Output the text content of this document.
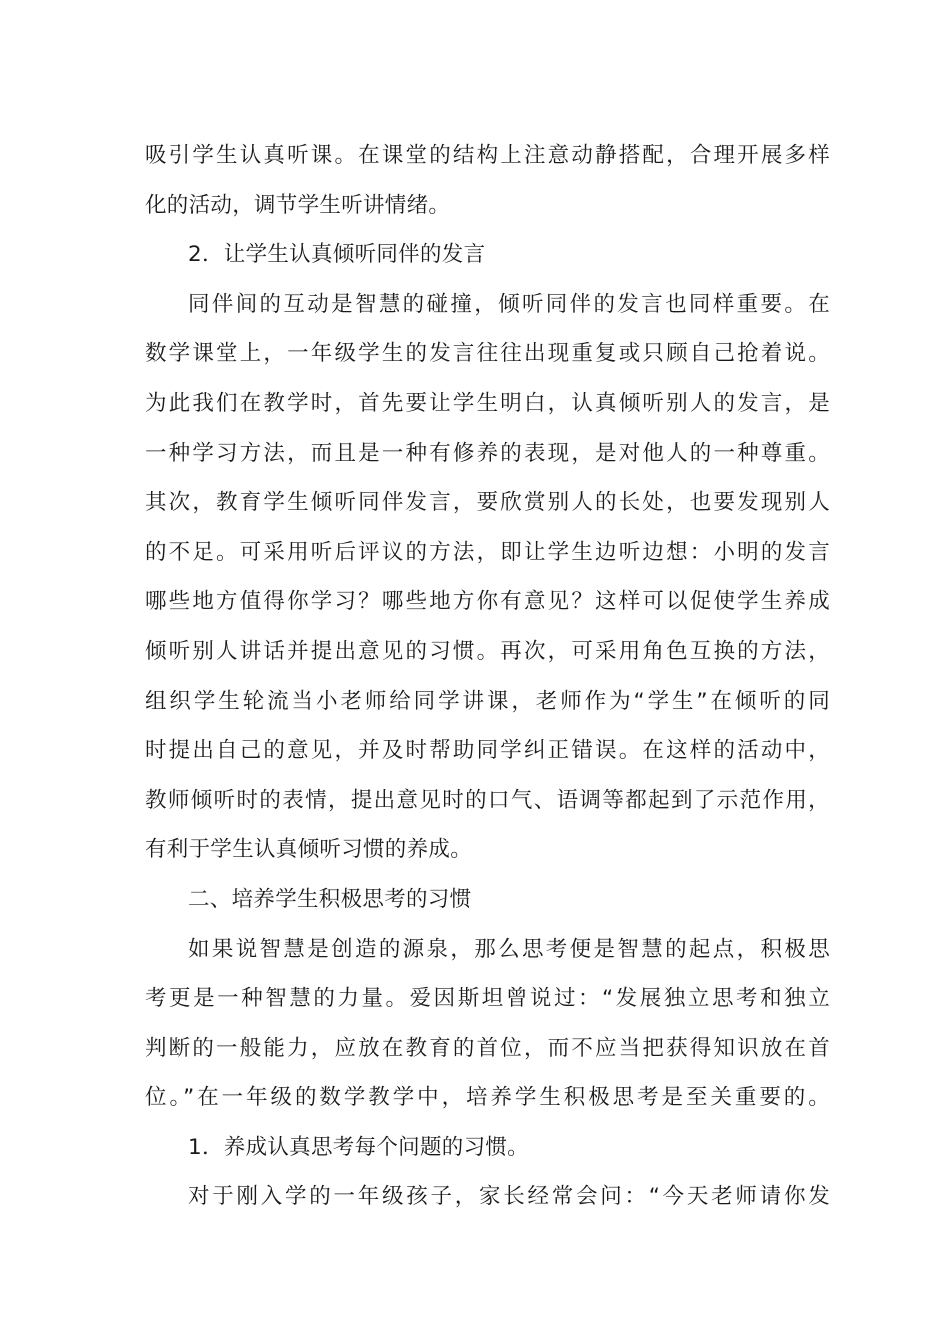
吸引学生认真听课。在课堂的结构上注意动静搭配，合理开展多样
化的活动，调节学生听讲情绪。
2．让学生认真倾听同伴的发言
同伴间的互动是智慧的碰撞，倾听同伴的发言也同样重要。在
数学课堂上，一年级学生的发言往往出现重复或只顾自己抢着说。
为此我们在教学时，首先要让学生明白，认真倾听别人的发言，是
一种学习方法，而且是一种有修养的表现，是对他人的一种尊重。
其次，教育学生倾听同伴发言，要欣赏别人的长处，也要发现别人
的不足。可采用听后评议的方法，即让学生边听边想：小明的发言
哪些地方值得你学习？哪些地方你有意见？这样可以促使学生养成
倾听别人讲话并提出意见的习惯。再次，可采用角色互换的方法，
组织学生轮流当小老师给同学讲课，老师作为“学生”在倾听的同
时提出自己的意见，并及时帮助同学纠正错误。在这样的活动中，
教师倾听时的表情，提出意见时的口气、语调等都起到了示范作用，
有利于学生认真倾听习惯的养成。
二、培养学生积极思考的习惯
如果说智慧是创造的源泉，那么思考便是智慧的起点，积极思
考更是一种智慧的力量。爱因斯坦曾说过：“发展独立思考和独立
判断的一般能力，应放在教育的首位，而不应当把获得知识放在首
位。”在一年级的数学教学中，培养学生积极思考是至关重要的。
1．养成认真思考每个问题的习惯。
对于刚入学的一年级孩子，家长经常会问：“今天老师请你发
